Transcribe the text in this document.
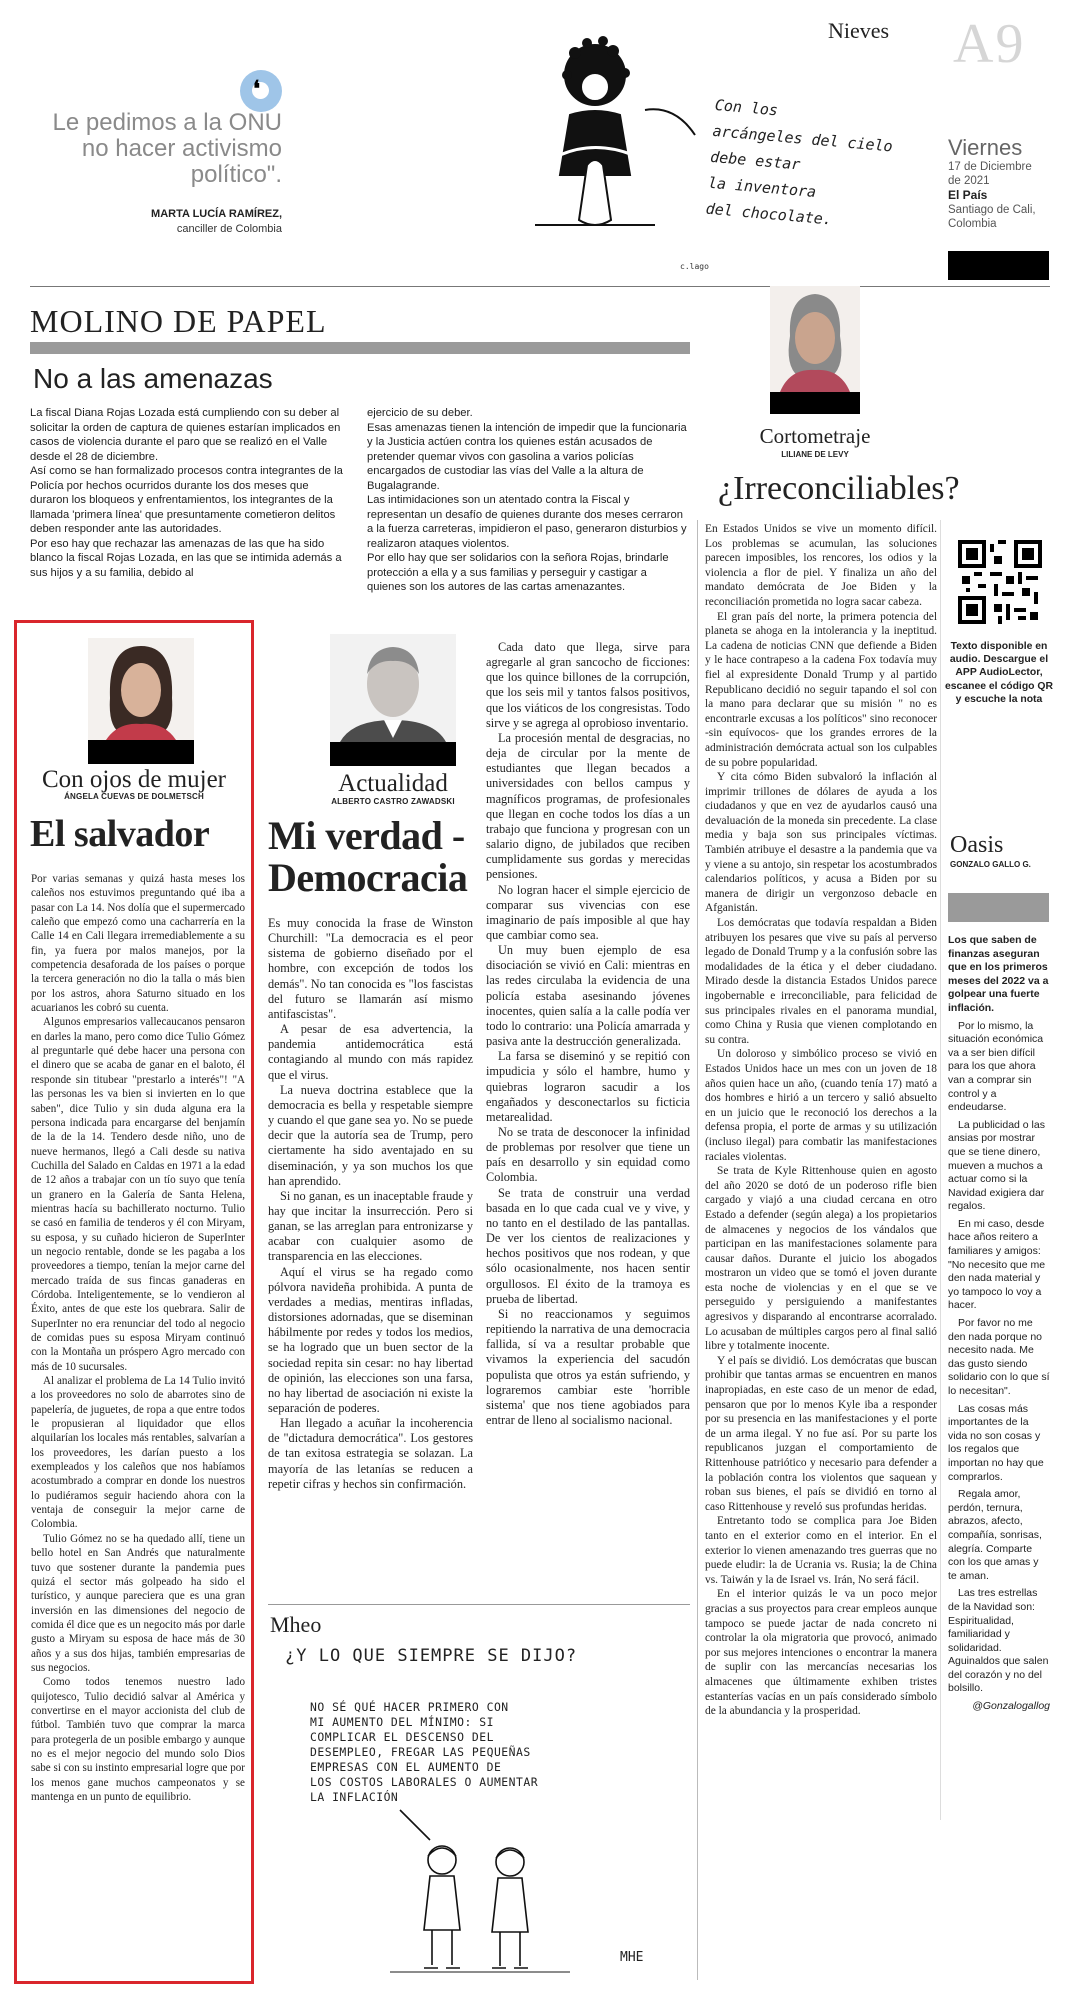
Nieves A9
Viernes
17 de Diciembre
de 2021
El País
Santiago de Cali,
Colombia
❛
Le pedimos a la ONU
no hacer activismo
político".
MARTA LUCÍA RAMÍREZ,
canciller de Colombia
Con los
arcángeles del cielo
debe estar
la inventora
del chocolate.
c.lago
MOLINO DE PAPEL
No a las amenazas
La fiscal Diana Rojas Lozada está cumpliendo con su deber al solicitar la orden de captura de quienes estarían implicados en casos de violencia durante el paro que se realizó en el Valle desde el 28 de diciembre.
Así como se han formalizado procesos contra integrantes de la Policía por hechos ocurridos durante los dos meses que duraron los bloqueos y enfrentamientos, los integrantes de la llamada 'primera línea' que presuntamente cometieron delitos deben responder ante las autoridades.
Por eso hay que rechazar las amenazas de las que ha sido blanco la fiscal Rojas Lozada, en las que se intimida además a sus hijos y a su familia, debido al
ejercicio de su deber.
Esas amenazas tienen la intención de impedir que la funcionaria y la Justicia actúen contra los quienes están acusados de pretender quemar vivos con gasolina a varios policías encargados de custodiar las vías del Valle a la altura de Bugalagrande.
Las intimidaciones son un atentado contra la Fiscal y representan un desafío de quienes durante dos meses cerraron a la fuerza carreteras, impidieron el paso, generaron disturbios y realizaron ataques violentos.
Por ello hay que ser solidarios con la señora Rojas, brindarle protección a ella y a sus familias y perseguir y castigar a quienes son los autores de las cartas amenazantes.
Cortometraje
LILIANE DE LEVY
¿Irreconciliables?

En Estados Unidos se vive un momento difícil. Los problemas se acumulan, las soluciones parecen imposibles, los rencores, los odios y la violencia a flor de piel. Y finaliza un año del mandato demócrata de Joe Biden y la reconciliación prometida no logra sacar cabeza.

El gran país del norte, la primera potencia del planeta se ahoga en la intolerancia y la ineptitud. La cadena de noticias CNN que defiende a Biden y le hace contrapeso a la cadena Fox todavía muy fiel al expresidente Donald Trump y al partido Republicano decidió no seguir tapando el sol con la mano para declarar que su misión " no es encontrarle excusas a los políticos" sino reconocer -sin equívocos- que los grandes errores de la administración demócrata actual son los culpables de su pobre popularidad.

Y cita cómo Biden subvaloró la inflación al imprimir trillones de dólares de ayuda a los ciudadanos y que en vez de ayudarlos causó una devaluación de la moneda sin precedente. La clase media y baja son sus principales víctimas. También atribuye el desastre a la pandemia que va y viene a su antojo, sin respetar los acostumbrados calendarios políticos, y acusa a Biden por su manera de dirigir un vergonzoso debacle en Afganistán.

Los demócratas que todavía respaldan a Biden atribuyen los pesares que vive su país al perverso legado de Donald Trump y a la confusión sobre las modalidades de la ética y el deber ciudadano. Mirado desde la distancia Estados Unidos parece ingobernable e irreconciliable, para felicidad de sus principales rivales en el panorama mundial, como China y Rusia que vienen complotando en su contra.

Un doloroso y simbólico proceso se vivió en Estados Unidos hace un mes con un joven de 18 años quien hace un año, (cuando tenía 17) mató a dos hombres e hirió a un tercero y salió absuelto en un juicio que le reconoció los derechos a la defensa propia, el porte de armas y su utilización (incluso ilegal) para combatir las manifestaciones raciales violentas.

Se trata de Kyle Rittenhouse quien en agosto del año 2020 se dotó de un poderoso rifle bien cargado y viajó a una ciudad cercana en otro Estado a defender (según alega) a los propietarios de almacenes y negocios de los vándalos que participan en las manifestaciones solamente para causar daños. Durante el juicio los abogados mostraron un video que se tomó el joven durante esta noche de violencias y en el que se ve perseguido y persiguiendo a manifestantes agresivos y disparando al encontrarse acorralado. Lo acusaban de múltiples cargos pero al final salió libre y totalmente inocente.

Y el país se dividió. Los demócratas que buscan prohibir que tantas armas se encuentren en manos inapropiadas, en este caso de un menor de edad, pensaron que por lo menos Kyle iba a responder por su presencia en las manifestaciones y el porte de un arma ilegal. Y no fue así. Por su parte los republicanos juzgan el comportamiento de Rittenhouse patriótico y necesario para defender a la población contra los violentos que saquean y roban sus bienes, el país se dividió en torno al caso Rittenhouse y reveló sus profundas heridas.

Entretanto todo se complica para Joe Biden tanto en el exterior como en el interior. En el exterior lo vienen amenazando tres guerras que no puede eludir: la de Ucrania vs. Rusia; la de China vs. Taiwán y la de Israel vs. Irán, No será fácil.

En el interior quizás le va un poco mejor gracias a sus proyectos para crear empleos aunque tampoco se puede jactar de nada concreto ni controlar la ola migratoria que provocó, animado por sus mejores intenciones o encontrar la manera de suplir con las mercancías necesarias los almacenes que últimamente exhiben tristes estanterías vacías en un país considerado símbolo de la abundancia y la prosperidad.

Texto disponible en audio. Descargue el APP AudioLector, escanee el código QR y escuche la nota
Oasis
GONZALO GALLO G.
Los que saben de finanzas aseguran que en los primeros meses del 2022 va a golpear una fuerte inflación.
Por lo mismo, la situación económica va a ser bien difícil para los que ahora van a comprar sin control y a endeudarse.
La publicidad o las ansias por mostrar que se tiene dinero, mueven a muchos a actuar como si la Navidad exigiera dar regalos.
En mi caso, desde hace años reitero a familiares y amigos: "No necesito que me den nada material y yo tampoco lo voy a hacer.
Por favor no me den nada porque no necesito nada. Me das gusto siendo solidario con lo que sí lo necesitan".
Las cosas más importantes de la vida no son cosas y los regalos que importan no hay que comprarlos.
Regala amor, perdón, ternura, abrazos, afecto, compañía, sonrisas, alegría. Comparte con los que amas y te aman.
Las tres estrellas de la Navidad son: Espiritualidad, familiaridad y solidaridad. Aguinaldos que salen del corazón y no del bolsillo.
@Gonzalogallog
Con ojos de mujer
ÁNGELA CUEVAS DE DOLMETSCH
El salvador

Por varias semanas y quizá hasta meses los caleños nos estuvimos preguntando qué iba a pasar con La 14. Nos dolía que el supermercado caleño que empezó como una cacharrería en la Calle 14 en Cali llegara irremediablemente a su fin, ya fuera por malos manejos, por la competencia desaforada de los países o porque la tercera generación no dio la talla o más bien por los astros, ahora Saturno situado en los acuarianos les cobró su cuenta.

Algunos empresarios vallecaucanos pensaron en darles la mano, pero como dice Tulio Gómez al preguntarle qué debe hacer una persona con el dinero que se acaba de ganar en el baloto, él responde sin titubear "prestarlo a interés"! "A las personas les va bien si invierten en lo que saben", dice Tulio y sin duda alguna era la persona indicada para encargarse del benjamín de la de la 14. Tendero desde niño, uno de nueve hermanos, llegó a Cali desde su nativa Cuchilla del Salado en Caldas en 1971 a la edad de 12 años a trabajar con un tío suyo que tenía un granero en la Galería de Santa Helena, mientras hacía su bachillerato nocturno. Tulio se casó en familia de tenderos y él con Miryam, su esposa, y su cuñado hicieron de SuperInter un negocio rentable, donde se les pagaba a los proveedores a tiempo, tenían la mejor carne del mercado traída de sus fincas ganaderas en Córdoba. Inteligentemente, se lo vendieron al Éxito, antes de que este los quebrara. Salir de SuperInter no era renunciar del todo al negocio de comidas pues su esposa Miryam continuó con la Montaña un próspero Agro mercado con más de 10 sucursales.

Al analizar el problema de La 14 Tulio invitó a los proveedores no solo de abarrotes sino de papelería, de juguetes, de ropa a que entre todos le propusieran al liquidador que ellos alquilarían los locales más rentables, salvarían a los proveedores, les darían puesto a los exempleados y los caleños que nos habíamos acostumbrado a comprar en donde los nuestros lo pudiéramos seguir haciendo ahora con la ventaja de conseguir la mejor carne de Colombia.

Tulio Gómez no se ha quedado allí, tiene un bello hotel en San Andrés que naturalmente tuvo que sostener durante la pandemia pues quizá el sector más golpeado ha sido el turístico, y aunque pareciera que es una gran inversión en las dimensiones del negocio de comida él dice que es un negocito más por darle gusto a Miryam su esposa de hace más de 30 años y a sus dos hijas, también empresarias de sus negocios.

Como todos tenemos nuestro lado quijotesco, Tulio decidió salvar al América y convertirse en el mayor accionista del club de fútbol. También tuvo que comprar la marca para protegerla de un posible embargo y aunque no es el mejor negocio del mundo solo Dios sabe si con su instinto empresarial logre que por los menos gane muchos campeonatos y se mantenga en un punto de equilibrio.

Actualidad
ALBERTO CASTRO ZAWADSKI
Mi verdad -
Democracia

Es muy conocida la frase de Winston Churchill: "La democracia es el peor sistema de gobierno diseñado por el hombre, con excepción de todos los demás". No tan conocida es "los fascistas del futuro se llamarán así mismo antifascistas".

A pesar de esa advertencia, la pandemia antidemocrática está contagiando al mundo con más rapidez que el virus.

La nueva doctrina establece que la democracia es bella y respetable siempre y cuando el que gane sea yo. No se puede decir que la autoría sea de Trump, pero ciertamente ha sido aventajado en su diseminación, y ya son muchos los que han aprendido.

Si no ganan, es un inaceptable fraude y hay que incitar la insurrección. Pero si ganan, se las arreglan para entronizarse y acabar con cualquier asomo de transparencia en las elecciones.

Aquí el virus se ha regado como pólvora navideña prohibida. A punta de verdades a medias, mentiras infladas, distorsiones adornadas, que se diseminan hábilmente por redes y todos los medios, se ha logrado que un buen sector de la sociedad repita sin cesar: no hay libertad de opinión, las elecciones son una farsa, no hay libertad de asociación ni existe la separación de poderes.

Han llegado a acuñar la incoherencia de "dictadura democrática". Los gestores de tan exitosa estrategia se solazan. La mayoría de las letanías se reducen a repetir cifras y hechos sin confirmación.

Cada dato que llega, sirve para agregarle al gran sancocho de ficciones: que los quince billones de la corrupción, que los seis mil y tantos falsos positivos, que los viáticos de los congresistas. Todo sirve y se agrega al oprobioso inventario.

La procesión mental de desgracias, no deja de circular por la mente de estudiantes que llegan becados a universidades con bellos campus y magníficos programas, de profesionales que llegan en coche todos los días a un trabajo que funciona y progresan con un salario digno, de jubilados que reciben cumplidamente sus gordas y merecidas pensiones.

No logran hacer el simple ejercicio de comparar sus vivencias con ese imaginario de país imposible al que hay que cambiar como sea.

Un muy buen ejemplo de esa disociación se vivió en Cali: mientras en las redes circulaba la evidencia de una policía estaba asesinando jóvenes inocentes, quien salía a la calle podía ver todo lo contrario: una Policía amarrada y pasiva ante la destrucción generalizada.

La farsa se diseminó y se repitió con impudicia y sólo el hambre, humo y quiebras lograron sacudir a los engañados y desconectarlos su ficticia metarealidad.

No se trata de desconocer la infinidad de problemas por resolver que tiene un país en desarrollo y sin equidad como Colombia.

Se trata de construir una verdad basada en lo que cada cual ve y vive, y no tanto en el destilado de las pantallas. De ver los cientos de realizaciones y hechos positivos que nos rodean, y que sólo ocasionalmente, nos hacen sentir orgullosos. El éxito de la tramoya es prueba de libertad.

Si no reaccionamos y seguimos repitiendo la narrativa de una democracia fallida, sí va a resultar probable que vivamos la experiencia del sacudón populista que otros ya están sufriendo, y lograremos cambiar este 'horrible sistema' que nos tiene agobiados para entrar de lleno al socialismo nacional.

Mheo
¿Y LO QUE SIEMPRE SE DIJO?
NO SÉ QUÉ HACER PRIMERO CON
MI AUMENTO DEL MÍNIMO: SI
COMPLICAR EL DESCENSO DEL
DESEMPLEO, FREGAR LAS PEQUEÑAS
EMPRESAS CON EL AUMENTO DE
LOS COSTOS LABORALES O AUMENTAR
LA INFLACIÓN
MHE
